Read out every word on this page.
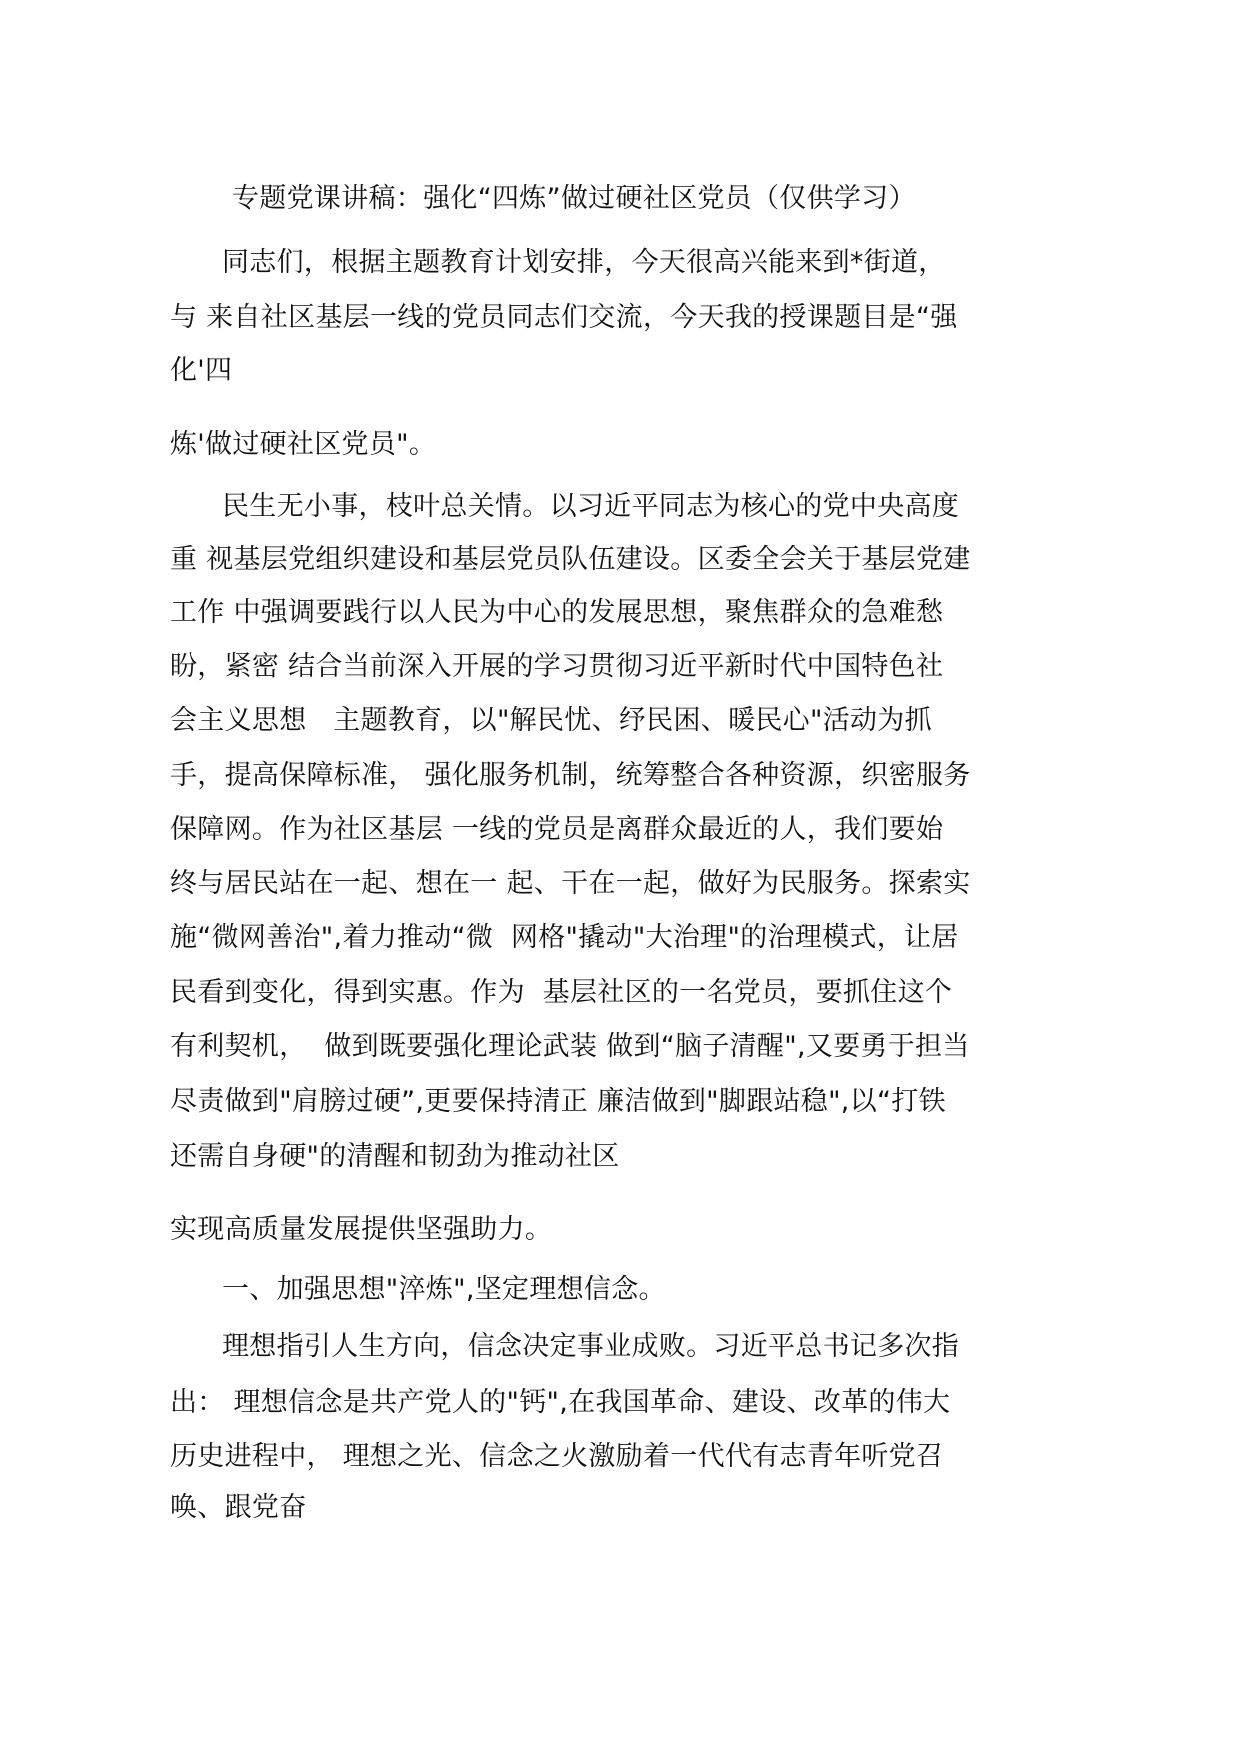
专题党课讲稿：强化“四炼”做过硬社区党员（仅供学习）
同志们，根据主题教育计划安排，今天很高兴能来到*街道，
与 来自社区基层一线的党员同志们交流，今天我的授课题目是“强
化'四
炼'做过硬社区党员"。
民生无小事，枝叶总关情。以习近平同志为核心的党中央高度
重 视基层党组织建设和基层党员队伍建设。区委全会关于基层党建
工作 中强调要践行以人民为中心的发展思想，聚焦群众的急难愁
盼，紧密 结合当前深入开展的学习贯彻习近平新时代中国特色社
会主义思想   主题教育，以"解民忧、纾民困、暖民心"活动为抓
手，提高保障标准， 强化服务机制，统筹整合各种资源，织密服务
保障网。作为社区基层 一线的党员是离群众最近的人，我们要始
终与居民站在一起、想在一 起、干在一起，做好为民服务。探索实
施“微网善治",着力推动“微  网格"撬动"大治理"的治理模式，让居
民看到变化，得到实惠。作为  基层社区的一名党员，要抓住这个
有利契机，  做到既要强化理论武装 做到“脑子清醒",又要勇于担当
尽责做到"肩膀过硬”,更要保持清正 廉洁做到"脚跟站稳",以“打铁
还需自身硬"的清醒和韧劲为推动社区
实现高质量发展提供坚强助力。
一、加强思想"淬炼",坚定理想信念。
理想指引人生方向，信念决定事业成败。习近平总书记多次指
出： 理想信念是共产党人的"钙",在我国革命、建设、改革的伟大
历史进程中， 理想之光、信念之火激励着一代代有志青年听党召
唤、跟党奋
